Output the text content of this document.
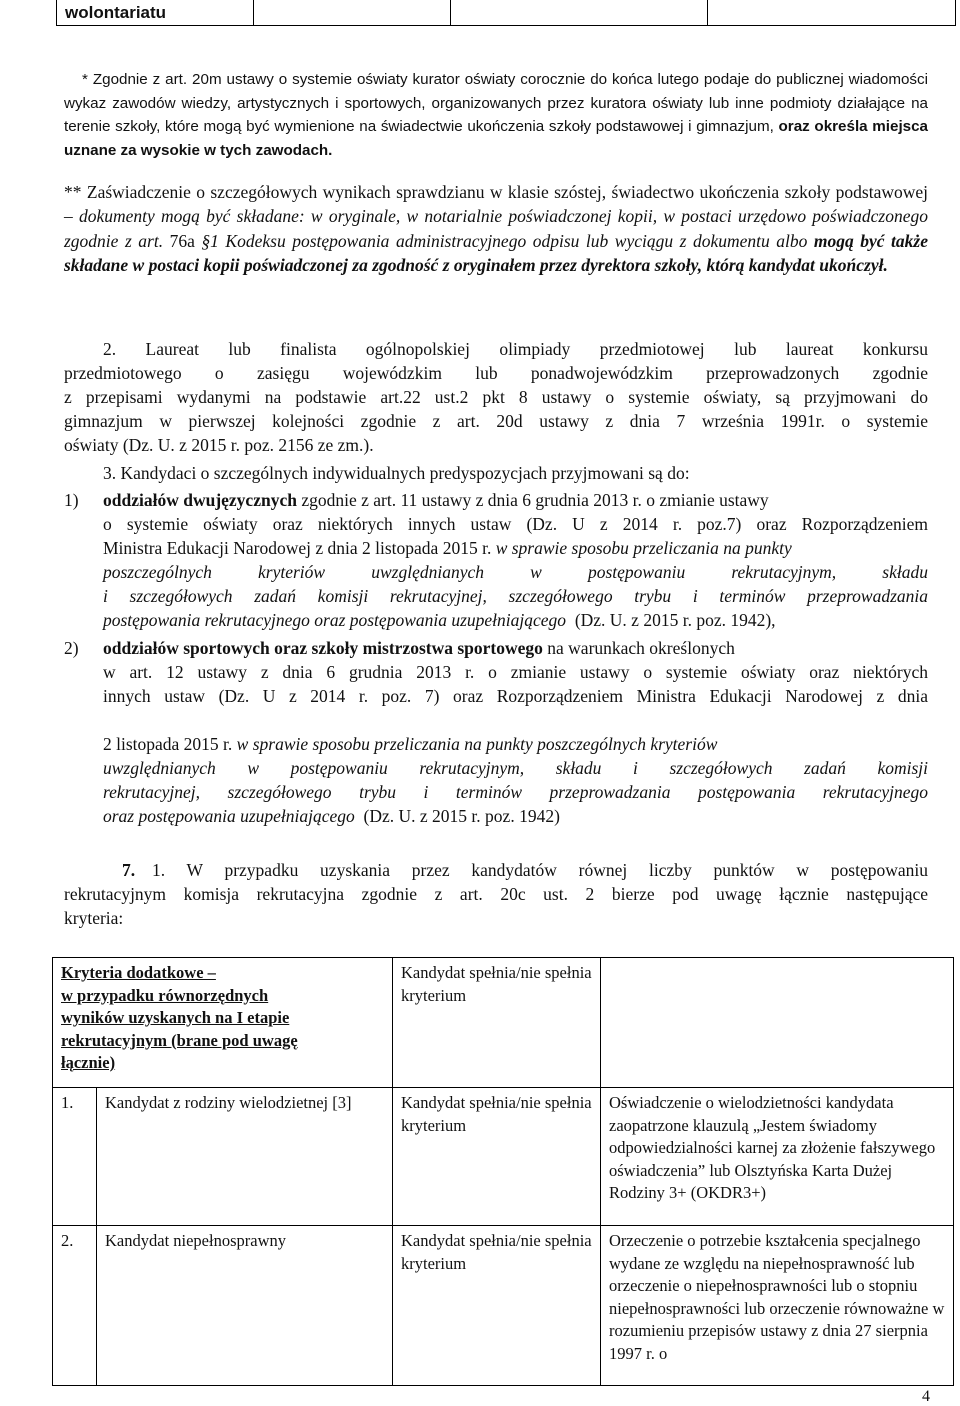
wolontariatu			
* Zgodnie z art. 20m ustawy o systemie oświaty kurator oświaty corocznie do końca lutego podaje do publicznej wiadomości wykaz zawodów wiedzy, artystycznych i sportowych, organizowanych przez kuratora oświaty lub inne podmioty działające na terenie szkoły, które mogą być wymienione na świadectwie ukończenia szkoły podstawowej i gimnazjum, oraz określa miejsca uznane za wysokie w tych zawodach.
** Zaświadczenie o szczegółowych wynikach sprawdzianu w klasie szóstej, świadectwo ukończenia szkoły podstawowej – dokumenty mogą być składane: w oryginale, w notarialnie poświadczonej kopii, w postaci urzędowo poświadczonego zgodnie z art. 76a §1 Kodeksu postępowania administracyjnego odpisu lub wyciągu z dokumentu albo mogą być także składane w postaci kopii poświadczonej za zgodność z oryginałem przez dyrektora szkoły, którą kandydat ukończył.
2. Laureat lub finalista ogólnopolskiej olimpiady przedmiotowej lub laureat konkursu
przedmiotowego o zasięgu wojewódzkim lub ponadwojewódzkim przeprowadzonych zgodnie
z przepisami wydanymi na podstawie art.22 ust.2 pkt 8 ustawy o systemie oświaty, są przyjmowani do
gimnazjum w pierwszej kolejności zgodnie z art. 20d ustawy z dnia 7 września 1991r. o systemie
oświaty (Dz. U. z 2015 r. poz. 2156 ze zm.).
3. Kandydaci o szczególnych indywidualnych predyspozycjach przyjmowani są do:
1) oddziałów dwujęzycznych zgodnie z art. 11 ustawy z dnia 6 grudnia 2013 r. o zmianie ustawy
o systemie oświaty oraz niektórych innych ustaw (Dz. U z 2014 r. poz.7) oraz Rozporządzeniem
Ministra Edukacji Narodowej z dnia 2 listopada 2015 r. w sprawie sposobu przeliczania na punkty
poszczególnych kryteriów uwzględnianych w postępowaniu rekrutacyjnym, składu
i szczegółowych zadań komisji rekrutacyjnej, szczegółowego trybu i terminów przeprowadzania
postępowania rekrutacyjnego oraz postępowania uzupełniającego (Dz. U. z 2015 r. poz. 1942),
2) oddziałów sportowych oraz szkoły mistrzostwa sportowego na warunkach określonych
w art. 12 ustawy z dnia 6 grudnia 2013 r. o zmianie ustawy o systemie oświaty oraz niektórych
innych ustaw (Dz. U z 2014 r. poz. 7) oraz Rozporządzeniem Ministra Edukacji Narodowej z dnia
2 listopada 2015 r. w sprawie sposobu przeliczania na punkty poszczególnych kryteriów
uwzględnianych w postępowaniu rekrutacyjnym, składu i szczegółowych zadań komisji
rekrutacyjnej, szczegółowego trybu i terminów przeprowadzania postępowania rekrutacyjnego
oraz postępowania uzupełniającego (Dz. U. z 2015 r. poz. 1942)
7. 1. W przypadku uzyskania przez kandydatów równej liczby punktów w postępowaniu
rekrutacyjnym komisja rekrutacyjna zgodnie z art. 20c ust. 2 bierze pod uwagę łącznie następujące
kryteria:
Kryteria dodatkowe –
w przypadku równorzędnych
wyników uzyskanych na I etapie
rekrutacyjnym (brane pod uwagę
łącznie)		Kandydat spełnia/nie spełnia kryterium	
1.	Kandydat z rodziny wielodzietnej [3]	Kandydat spełnia/nie spełnia kryterium	Oświadczenie o wielodzietności kandydata zaopatrzone klauzulą „Jestem świadomy odpowiedzialności karnej za złożenie fałszywego oświadczenia” lub Olsztyńska Karta Dużej Rodziny 3+ (OKDR3+)
2.	Kandydat niepełnosprawny	Kandydat spełnia/nie spełnia kryterium	Orzeczenie o potrzebie kształcenia specjalnego wydane ze względu na niepełnosprawność lub orzeczenie o niepełnosprawności lub o stopniu niepełnosprawności lub orzeczenie równoważne w rozumieniu przepisów ustawy z dnia 27 sierpnia 1997 r. o
4
